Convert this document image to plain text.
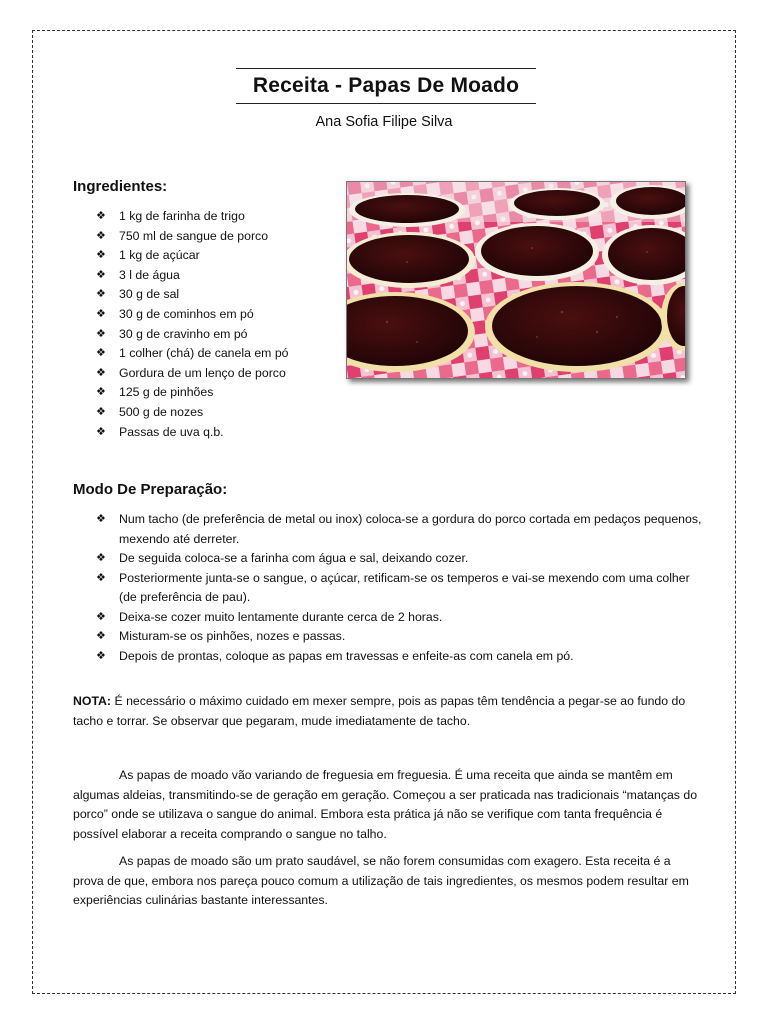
Receita - Papas De Moado
Ana Sofia Filipe Silva
Ingredientes:
❖	1 kg de farinha de trigo
❖	750 ml de sangue de porco
❖	1 kg de açúcar
❖	3 l de água
❖	30 g de sal
❖	30 g de cominhos em pó
❖	30 g de cravinho em pó
❖	1 colher (chá) de canela em pó
❖	Gordura de um lenço de porco
❖	125 g de pinhões
❖	500 g de nozes
❖	Passas de uva q.b.
Modo De Preparação:
❖	Num tacho (de preferência de metal ou inox) coloca-se a gordura do porco cortada em pedaços pequenos, mexendo até derreter.
❖	De seguida coloca-se a farinha com água e sal, deixando cozer.
❖	Posteriormente junta-se o sangue, o açúcar, retificam-se os temperos e vai-se mexendo com uma colher (de preferência de pau).
❖	Deixa-se cozer muito lentamente durante cerca de 2 horas.
❖	Misturam-se os pinhões, nozes e passas.
❖	Depois de prontas, coloque as papas em travessas e enfeite-as com canela em pó.
NOTA: É necessário o máximo cuidado em mexer sempre, pois as papas têm tendência a pegar-se ao fundo do tacho e torrar. Se observar que pegaram, mude imediatamente de tacho.
As papas de moado vão variando de freguesia em freguesia. É uma receita que ainda se mantêm em algumas aldeias, transmitindo-se de geração em geração. Começou a ser praticada nas tradicionais “matanças do porco” onde se utilizava o sangue do animal. Embora esta prática já não se verifique com tanta frequência é possível elaborar a receita comprando o sangue no talho.
As papas de moado são um prato saudável, se não forem consumidas com exagero. Esta receita é a prova de que, embora nos pareça pouco comum a utilização de tais ingredientes, os mesmos podem resultar em experiências culinárias bastante interessantes.
